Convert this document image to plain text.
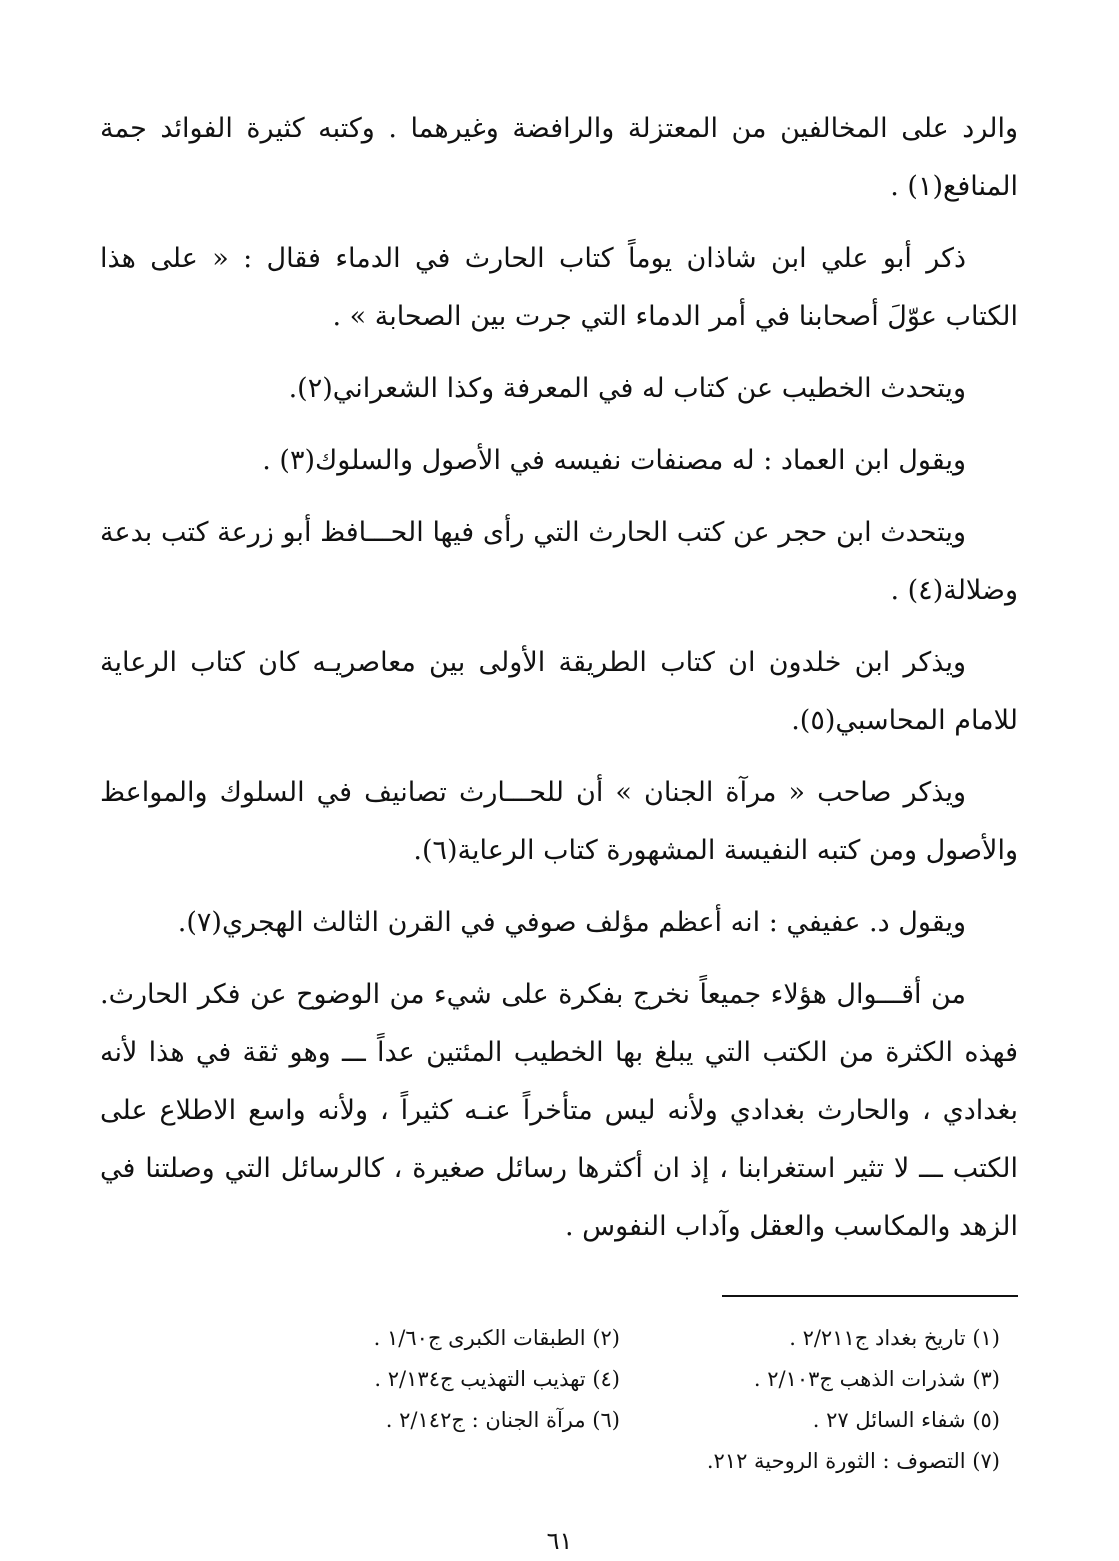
والرد على المخالفين من المعتزلة والرافضة وغيرهما . وكتبه كثيرة الفوائد جمة المنافع(١) .

ذكر أبو علي ابن شاذان يوماً كتاب الحارث في الدماء فقال : « على هذا الكتاب عوّلَ أصحابنا في أمر الدماء التي جرت بين الصحابة » .

ويتحدث الخطيب عن كتاب له في المعرفة وكذا الشعراني(٢).

ويقول ابن العماد : له مصنفات نفيسه في الأصول والسلوك(٣) .

ويتحدث ابن حجر عن كتب الحارث التي رأى فيها الحـــافظ أبو زرعة كتب بدعة وضلالة(٤) .

ويذكر ابن خلدون ان كتاب الطريقة الأولى بين معاصريـه كان كتاب الرعاية للامام المحاسبي(٥).

ويذكر صاحب « مرآة الجنان » أن للحـــارث تصانيف في السلوك والمواعظ والأصول ومن كتبه النفيسة المشهورة كتاب الرعاية(٦).

ويقول د. عفيفي : انه أعظم مؤلف صوفي في القرن الثالث الهجري(٧).

من أقـــوال هؤلاء جميعاً نخرج بفكرة على شيء من الوضوح عن فكر الحارث. فهذه الكثرة من الكتب التي يبلغ بها الخطيب المئتين عداً ـــ وهو ثقة في هذا لأنه بغدادي ، والحارث بغدادي ولأنه ليس متأخراً عنـه كثيراً ، ولأنه واسع الاطلاع على الكتب ـــ لا تثير استغرابنا ، إذ ان أكثرها رسائل صغيرة ، كالرسائل التي وصلتنا في الزهد والمكاسب والعقل وآداب النفوس .

(١) تاريخ بغداد ج٢/٢١١ .
(٢) الطبقات الكبرى ج١/٦٠ .
(٣) شذرات الذهب ج٢/١٠٣ .
(٤) تهذيب التهذيب ج٢/١٣٤ .
(٥) شفاء السائل ٢٧ .
(٦) مرآة الجنان : ج٢/١٤٢ .
(٧) التصوف : الثورة الروحية ٢١٢.
٦١
